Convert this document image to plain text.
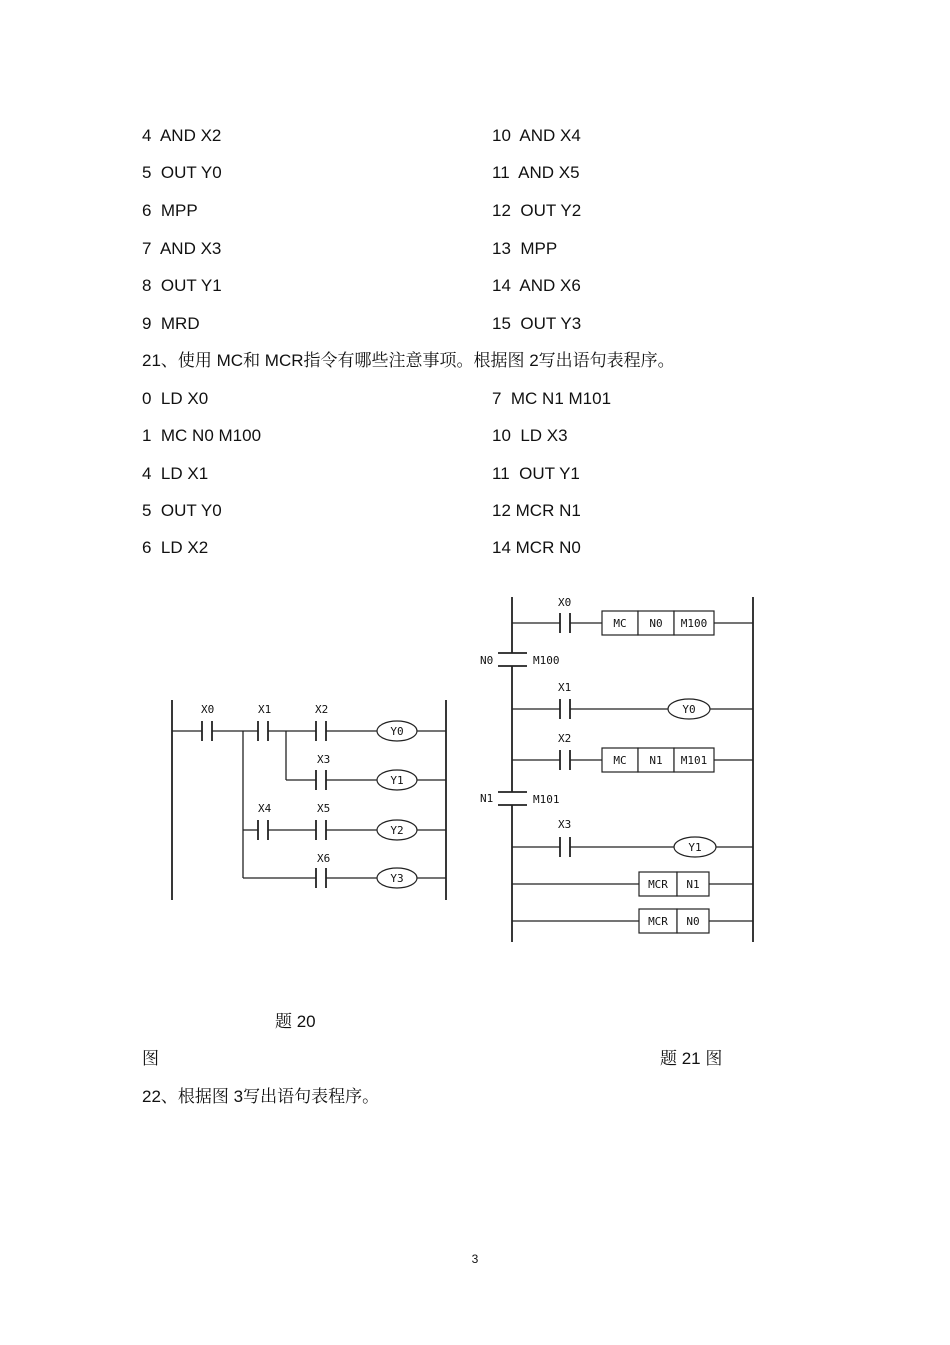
4  AND X2
5  OUT Y0
6  MPP
7  AND X3
8  OUT Y1
9  MRD
10  AND X4
11  AND X5
12  OUT Y2
13  MPP
14  AND X6
15  OUT Y3
21、使用 MC和 MCR指令有哪些注意事项。根据图 2写出语句表程序。
0  LD X0
1  MC N0 M100
4  LD X1
5  OUT Y0
6  LD X2
7  MC N1 M101
10  LD X3
11  OUT Y1
12 MCR N1
14 MCR N0
X0	X1	X2
X3
X4	X5
X6
Y0
Y1
Y2
Y3
X0
MC N0 M100
N0	M100
X1
Y0
X2
MC N1 M101
N1	M101
X3
Y1
MCR N1
MCR N0
题 20
图	题 21 图
22、根据图 3写出语句表程序。
3
